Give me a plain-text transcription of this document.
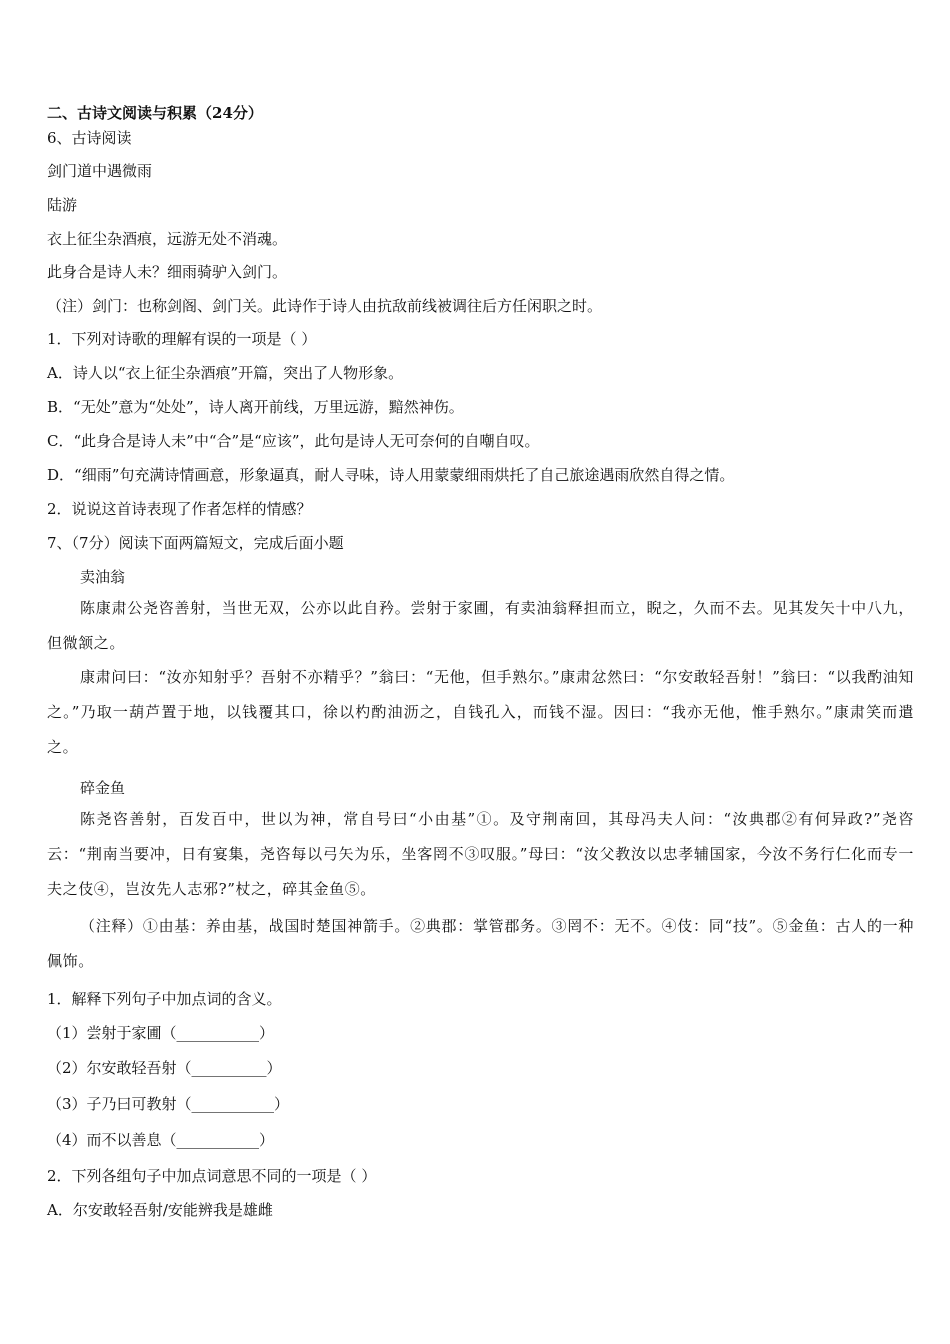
二、古诗文阅读与积累（24分）
6、古诗阅读
剑门道中遇微雨
陆游
衣上征尘杂酒痕，远游无处不消魂。
此身合是诗人未？细雨骑驴入剑门。
（注）剑门：也称剑阁、剑门关。此诗作于诗人由抗敌前线被调往后方任闲职之时。
1．下列对诗歌的理解有误的一项是（ ）
A．诗人以“衣上征尘杂酒痕”开篇，突出了人物形象。
B．“无处”意为“处处”，诗人离开前线，万里远游，黯然神伤。
C．“此身合是诗人未”中“合”是“应该”，此句是诗人无可奈何的自嘲自叹。
D．“细雨”句充满诗情画意，形象逼真，耐人寻味，诗人用蒙蒙细雨烘托了自己旅途遇雨欣然自得之情。
2．说说这首诗表现了作者怎样的情感？
7、（7分）阅读下面两篇短文，完成后面小题
卖油翁
陈康肃公尧咨善射，当世无双，公亦以此自矜。尝射于家圃，有卖油翁释担而立，睨之，久而不去。见其发矢十中八九，但微颔之。
康肃问曰：“汝亦知射乎？吾射不亦精乎？”翁曰：“无他，但手熟尔。”康肃忿然曰：“尔安敢轻吾射！”翁曰：“以我酌油知之。”乃取一葫芦置于地，以钱覆其口，徐以杓酌油沥之，自钱孔入，而钱不湿。因曰：“我亦无他，惟手熟尔。”康肃笑而遣之。
碎金鱼
陈尧咨善射，百发百中，世以为神，常自号曰“小由基”①。及守荆南回，其母冯夫人问：“汝典郡②有何异政?”尧咨云：“荆南当要冲，日有宴集，尧咨每以弓矢为乐，坐客罔不③叹服。”母曰：“汝父教汝以忠孝辅国家，今汝不务行仁化而专一夫之伎④，岂汝先人志邪?”杖之，碎其金鱼⑤。
（注释）①由基：养由基，战国时楚国神箭手。②典郡：掌管郡务。③罔不：无不。④伎：同“技”。⑤金鱼：古人的一种佩饰。
1．解释下列句子中加点词的含义。
（1）尝射于家圃（___________）
（2）尔安敢轻吾射（__________）
（3）子乃曰可教射（___________）
（4）而不以善息（___________）
2．下列各组句子中加点词意思不同的一项是（ ）
A．尔安敢轻吾射/安能辨我是雄雌
